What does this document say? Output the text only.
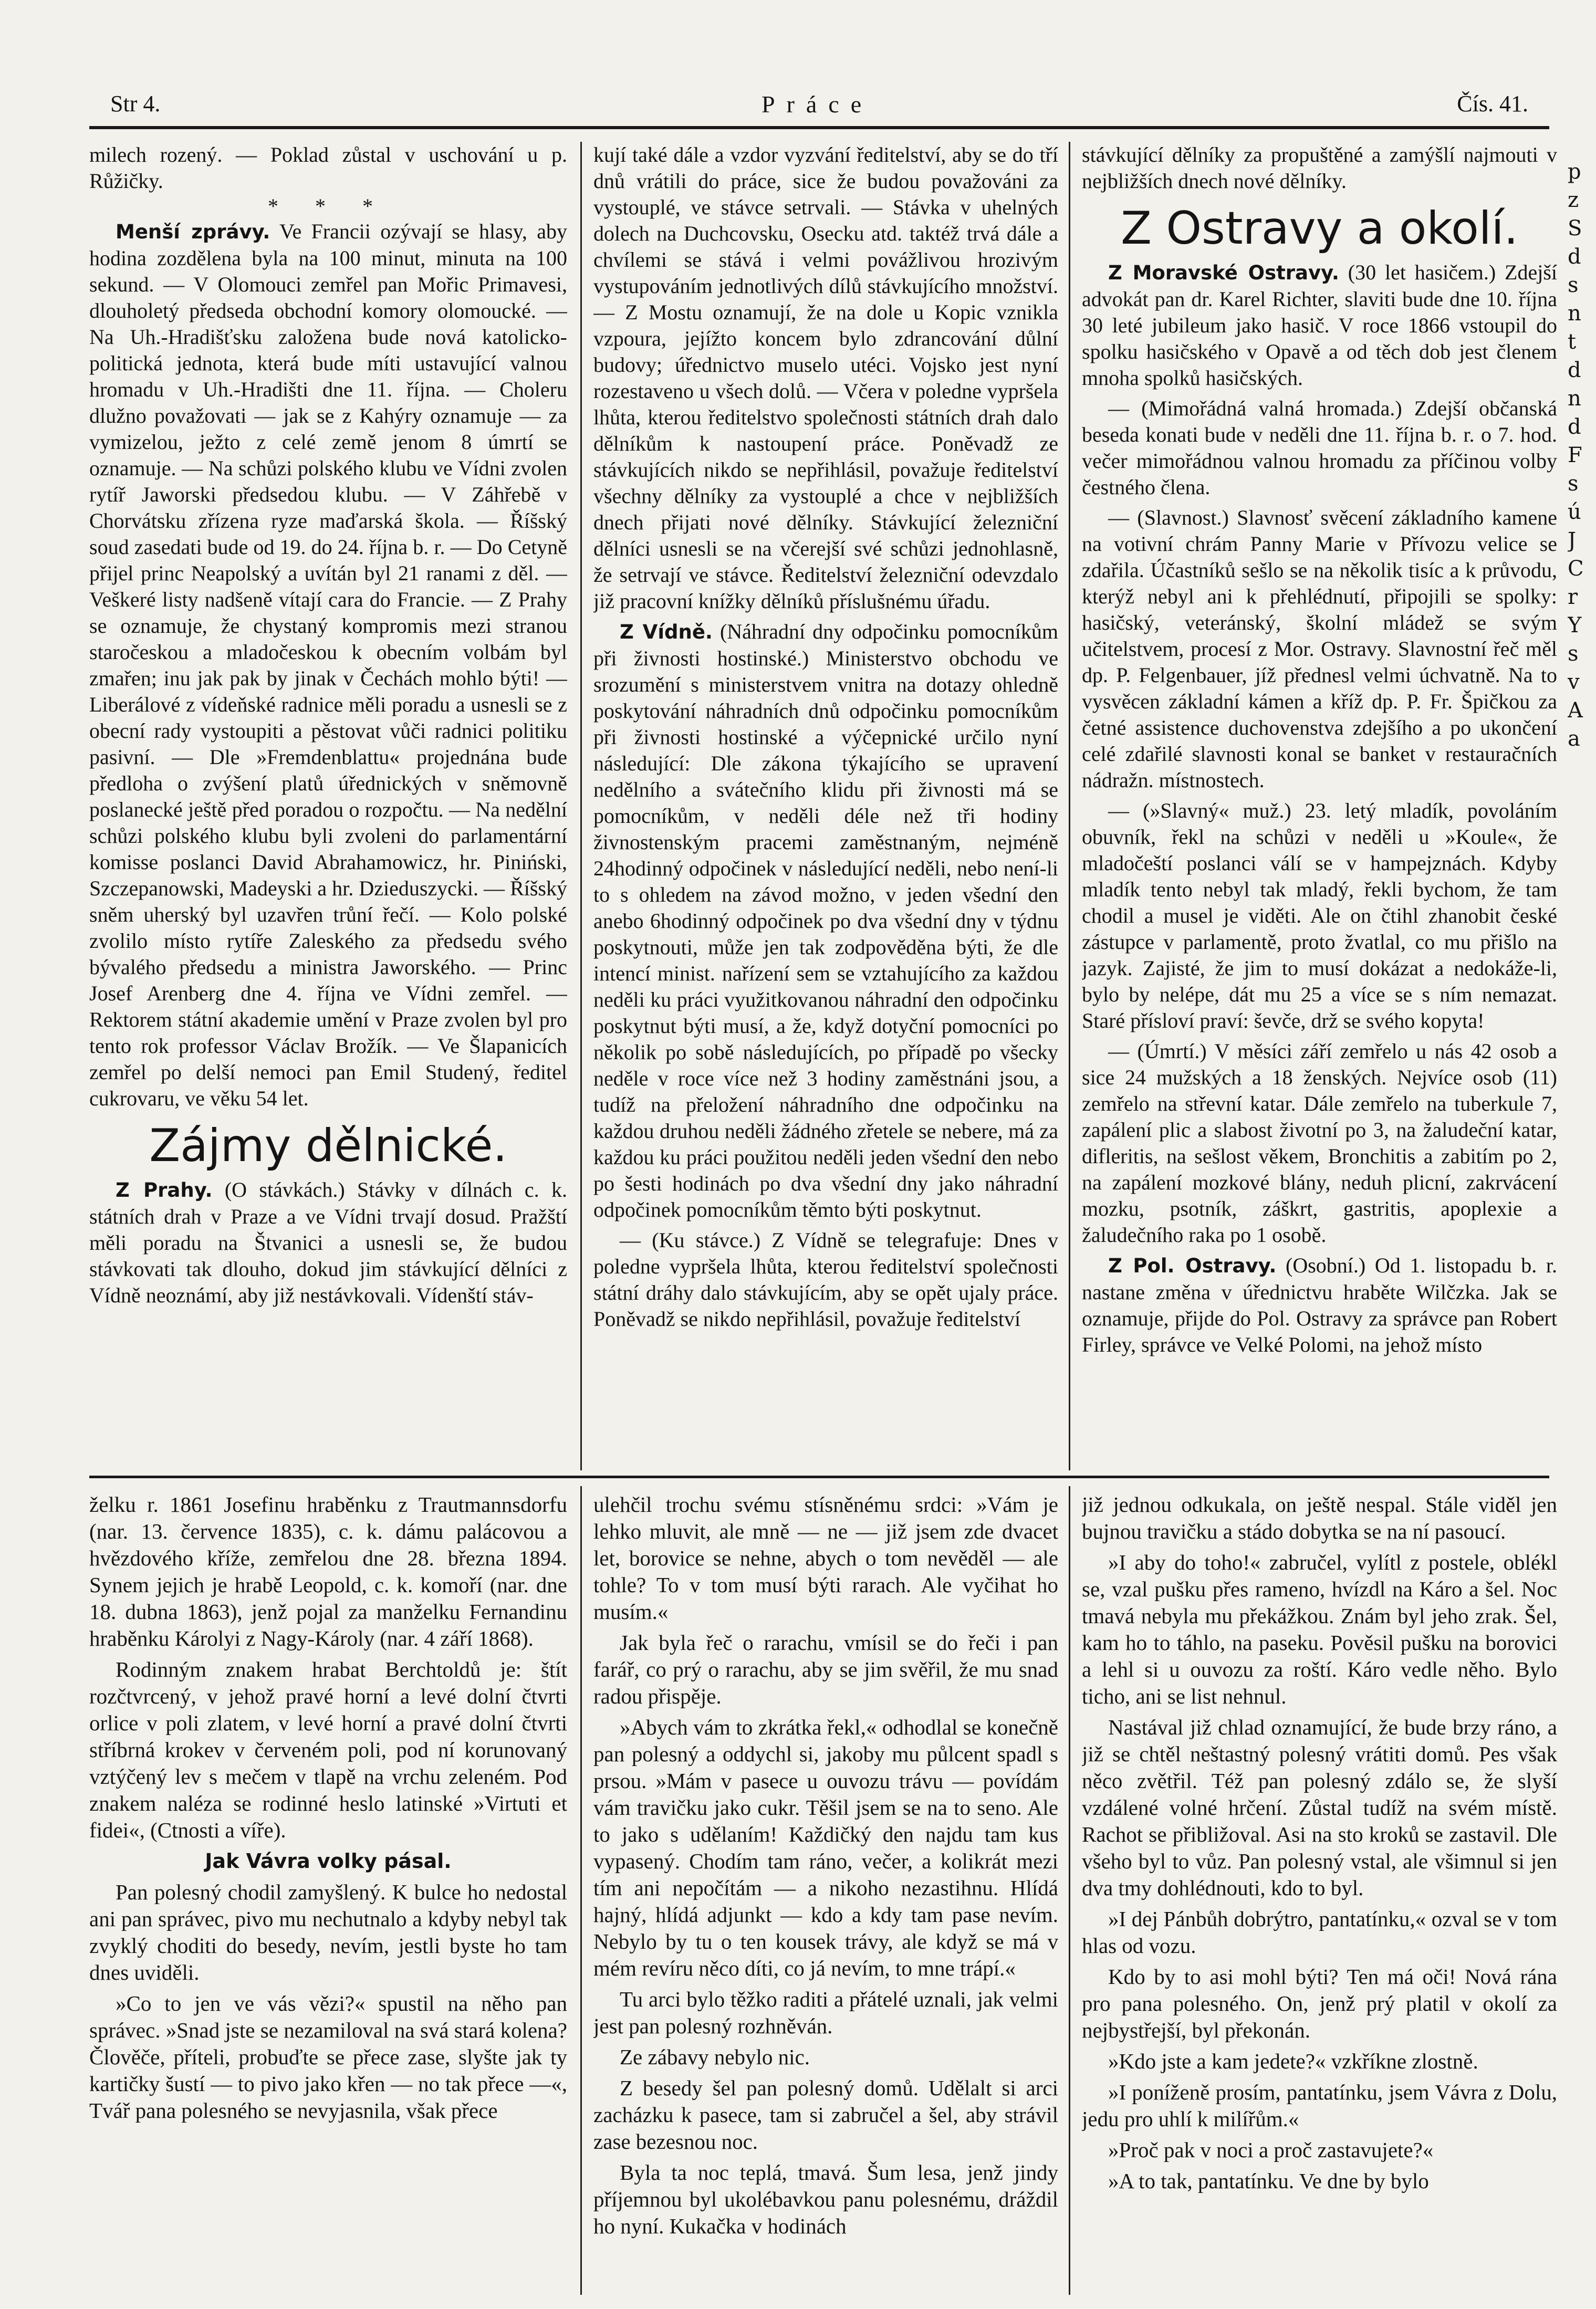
Str 4.	Práce	Čís. 41.

milech rozený. — Poklad zůstal v uschování u p. Růžičky.

* * *

Menší zprávy. Ve Francii ozývají se hlasy, aby hodina zozdělena byla na 100 minut, minuta na 100 sekund. — V Olomouci zemřel pan Mořic Primavesi, dlouholetý předseda obchodní komory olomoucké. — Na Uh.-Hradišťsku založena bude nová katolicko-politická jednota, která bude míti ustavující valnou hromadu v Uh.-Hradišti dne 11. října. — Choleru dlužno považovati — jak se z Kahýry oznamuje — za vymizelou, ježto z celé země jenom 8 úmrtí se oznamuje. — Na schůzi polského klubu ve Vídni zvolen rytíř Jaworski předsedou klubu. — V Záhřebě v Chorvátsku zřízena ryze maďarská škola. — Říšský soud zasedati bude od 19. do 24. října b. r. — Do Cetyně přijel princ Neapolský a uvítán byl 21 ranami z děl. — Veškeré listy nadšeně vítají cara do Francie. — Z Prahy se oznamuje, že chystaný kompromis mezi stranou staročeskou a mladočeskou k obecním volbám byl zmařen; inu jak pak by jinak v Čechách mohlo býti! — Liberálové z vídeňské radnice měli poradu a usnesli se z obecní rady vystoupiti a pěstovat vůči radnici politiku pasivní. — Dle »Fremdenblattu« projednána bude předloha o zvýšení platů úřednických v sněmovně poslanecké ještě před poradou o rozpočtu. — Na nedělní schůzi polského klubu byli zvoleni do parlamentární komisse poslanci David Abrahamowicz, hr. Piniński, Szczepanowski, Madeyski a hr. Dzieduszycki. — Říšský sněm uherský byl uzavřen trůní řečí. — Kolo polské zvolilo místo rytíře Zaleského za předsedu svého bývalého předsedu a ministra Jaworského. — Princ Josef Arenberg dne 4. října ve Vídni zemřel. — Rektorem státní akademie umění v Praze zvolen byl pro tento rok professor Václav Brožík. — Ve Šlapanicích zemřel po delší nemoci pan Emil Studený, ředitel cukrovaru, ve věku 54 let.

Zájmy dělnické.

Z Prahy. (O stávkách.) Stávky v dílnách c. k. státních drah v Praze a ve Vídni trvají dosud. Pražští měli poradu na Štvanici a usnesli se, že budou stávkovati tak dlouho, dokud jim stávkující dělníci z Vídně neoznámí, aby již nestávkovali. Vídenští stáv-

kují také dále a vzdor vyzvání ředitelství, aby se do tří dnů vrátili do práce, sice že budou považováni za vystouplé, ve stávce setrvali. — Stávka v uhelných dolech na Duchcovsku, Osecku atd. taktéž trvá dále a chvílemi se stává i velmi povážlivou hrozivým vystupováním jednotlivých dílů stávkujícího množství. — Z Mostu oznamují, že na dole u Kopic vznikla vzpoura, jejížto koncem bylo zdrancování důlní budovy; úřednictvo muselo utéci. Vojsko jest nyní rozestaveno u všech dolů. — Včera v poledne vypršela lhůta, kterou ředitelstvo společnosti státních drah dalo dělníkům k nastoupení práce. Poněvadž ze stávkujících nikdo se nepřihlásil, považuje ředitelství všechny dělníky za vystouplé a chce v nejbližších dnech přijati nové dělníky. Stávkující železniční dělníci usnesli se na včerejší své schůzi jednohlasně, že setrvají ve stávce. Ředitelství železniční odevzdalo již pracovní knížky dělníků příslušnému úřadu.

Z Vídně. (Náhradní dny odpočinku pomocníkům při živnosti hostinské.) Ministerstvo obchodu ve srozumění s ministerstvem vnitra na dotazy ohledně poskytování náhradních dnů odpočinku pomocníkům při živnosti hostinské a výčepnické určilo nyní následující: Dle zákona týkajícího se upravení nedělního a svátečního klidu při živnosti má se pomocníkům, v neděli déle než tři hodiny živnostenským pracemi zaměstnaným, nejméně 24hodinný odpočinek v následující neděli, nebo není-li to s ohledem na závod možno, v jeden všední den anebo 6hodinný odpočinek po dva všední dny v týdnu poskytnouti, může jen tak zodpověděna býti, že dle intencí minist. nařízení sem se vztahujícího za každou neděli ku práci využitkovanou náhradní den odpočinku poskytnut býti musí, a že, když dotyční pomocníci po několik po sobě následujících, po případě po všecky neděle v roce více než 3 hodiny zaměstnáni jsou, a tudíž na přeložení náhradního dne odpočinku na každou druhou neděli žádného zřetele se nebere, má za každou ku práci použitou neděli jeden všední den nebo po šesti hodinách po dva všední dny jako náhradní odpočinek pomocníkům těmto býti poskytnut.

— (Ku stávce.) Z Vídně se telegrafuje: Dnes v poledne vypršela lhůta, kterou ředitelství společnosti státní dráhy dalo stávkujícím, aby se opět ujaly práce. Poněvadž se nikdo nepřihlásil, považuje ředitelství

stávkující dělníky za propuštěné a zamýšlí najmouti v nejbližších dnech nové dělníky.

Z Ostravy a okolí.

Z Moravské Ostravy. (30 let hasičem.) Zdejší advokát pan dr. Karel Richter, slaviti bude dne 10. října 30 leté jubileum jako hasič. V roce 1866 vstoupil do spolku hasičského v Opavě a od těch dob jest členem mnoha spolků hasičských.

— (Mimořádná valná hromada.) Zdejší občanská beseda konati bude v neděli dne 11. října b. r. o 7. hod. večer mimořádnou valnou hromadu za příčinou volby čestného člena.

— (Slavnost.) Slavnosť svěcení základního kamene na votivní chrám Panny Marie v Přívozu velice se zdařila. Účastníků sešlo se na několik tisíc a k průvodu, kterýž nebyl ani k přehlédnutí, připojili se spolky: hasičský, veteránský, školní mládež se svým učitelstvem, procesí z Mor. Ostravy. Slavnostní řeč měl dp. P. Felgenbauer, jíž přednesl velmi úchvatně. Na to vysvěcen základní kámen a kříž dp. P. Fr. Špičkou za četné assistence duchovenstva zdejšího a po ukončení celé zdařilé slavnosti konal se banket v restauračních nádražn. místnostech.

— (»Slavný« muž.) 23. letý mladík, povoláním obuvník, řekl na schůzi v neděli u »Koule«, že mladočeští poslanci válí se v hampejznách. Kdyby mladík tento nebyl tak mladý, řekli bychom, že tam chodil a musel je viděti. Ale on čtihl zhanobit české zástupce v parlamentě, proto žvatlal, co mu přišlo na jazyk. Zajisté, že jim to musí dokázat a nedokáže-li, bylo by nelépe, dát mu 25 a více se s ním nemazat. Staré přísloví praví: ševče, drž se svého kopyta!

— (Úmrtí.) V měsíci září zemřelo u nás 42 osob a sice 24 mužských a 18 ženských. Nejvíce osob (11) zemřelo na střevní katar. Dále zemřelo na tuberkule 7, zapálení plic a slabost životní po 3, na žaludeční katar, difleritis, na sešlost věkem, Bronchitis a zabitím po 2, na zapálení mozkové blány, neduh plicní, zakrvácení mozku, psotník, záškrt, gastritis, apoplexie a žaludečního raka po 1 osobě.

Z Pol. Ostravy. (Osobní.) Od 1. listopadu b. r. nastane změna v úřednictvu hraběte Wilčzka. Jak se oznamuje, přijde do Pol. Ostravy za správce pan Robert Firley, správce ve Velké Polomi, na jehož místo

želku r. 1861 Josefinu hraběnku z Trautmannsdorfu (nar. 13. července 1835), c. k. dámu palácovou a hvězdového kříže, zemřelou dne 28. března 1894. Synem jejich je hrabě Leopold, c. k. komoří (nar. dne 18. dubna 1863), jenž pojal za manželku Fernandinu hraběnku Károlyi z Nagy-Károly (nar. 4 září 1868).

Rodinným znakem hrabat Berchtoldů je: štít rozčtvrcený, v jehož pravé horní a levé dolní čtvrti orlice v poli zlatem, v levé horní a pravé dolní čtvrti stříbrná krokev v červeném poli, pod ní korunovaný vztýčený lev s mečem v tlapě na vrchu zeleném. Pod znakem naléza se rodinné heslo latinské »Virtuti et fidei«, (Ctnosti a víře).

Jak Vávra volky pásal.

Pan polesný chodil zamyšlený. K bulce ho nedostal ani pan správec, pivo mu nechutnalo a kdyby nebyl tak zvyklý choditi do besedy, nevím, jestli byste ho tam dnes uviděli.

»Co to jen ve vás vězi?« spustil na něho pan správec. »Snad jste se nezamiloval na svá stará kolena? Člověče, příteli, probuďte se přece zase, slyšte jak ty kartičky šustí — to pivo jako křen — no tak přece —«, Tvář pana polesného se nevyjasnila, však přece

ulehčil trochu svému stísněnému srdci: »Vám je lehko mluvit, ale mně — ne — již jsem zde dvacet let, borovice se nehne, abych o tom nevěděl — ale tohle? To v tom musí býti rarach. Ale vyčihat ho musím.«

Jak byla řeč o rarachu, vmísil se do řeči i pan farář, co prý o rarachu, aby se jim svěřil, že mu snad radou přispěje.

»Abych vám to zkrátka řekl,« odhodlal se konečně pan polesný a oddychl si, jakoby mu půlcent spadl s prsou. »Mám v pasece u ouvozu trávu — povídám vám travičku jako cukr. Těšil jsem se na to seno. Ale to jako s udělaním! Každičký den najdu tam kus vypasený. Chodím tam ráno, večer, a kolikrát mezi tím ani nepočítám — a nikoho nezastihnu. Hlídá hajný, hlídá adjunkt — kdo a kdy tam pase nevím. Nebylo by tu o ten kousek trávy, ale když se má v mém revíru něco díti, co já nevím, to mne trápí.«

Tu arci bylo těžko raditi a přátelé uznali, jak velmi jest pan polesný rozhněván.

Ze zábavy nebylo nic.

Z besedy šel pan polesný domů. Udělalt si arci zacházku k pasece, tam si zabručel a šel, aby strávil zase bezesnou noc.

Byla ta noc teplá, tmavá. Šum lesa, jenž jindy příjemnou byl ukolébavkou panu polesnému, dráždil ho nyní. Kukačka v hodinách

již jednou odkukala, on ještě nespal. Stále viděl jen bujnou travičku a stádo dobytka se na ní pasoucí.

»I aby do toho!« zabručel, vylítl z postele, oblékl se, vzal pušku přes rameno, hvízdl na Káro a šel. Noc tmavá nebyla mu překážkou. Znám byl jeho zrak. Šel, kam ho to táhlo, na paseku. Pověsil pušku na borovici a lehl si u ouvozu za roští. Káro vedle něho. Bylo ticho, ani se list nehnul.

Nastával již chlad oznamující, že bude brzy ráno, a již se chtěl neštastný polesný vrátiti domů. Pes však něco zvětřil. Též pan polesný zdálo se, že slyší vzdálené volné hrčení. Zůstal tudíž na svém místě. Rachot se přibližoval. Asi na sto kroků se zastavil. Dle všeho byl to vůz. Pan polesný vstal, ale všimnul si jen dva tmy dohlédnouti, kdo to byl.

»I dej Pánbůh dobrýtro, pantatínku,« ozval se v tom hlas od vozu.

Kdo by to asi mohl býti? Ten má oči! Nová rána pro pana polesného. On, jenž prý platil v okolí za nejbystřejší, byl překonán.

»Kdo jste a kam jedete?« vzkříkne zlostně.

»I poníženě prosím, pantatínku, jsem Vávra z Dolu, jedu pro uhlí k milířům.«

»Proč pak v noci a proč zastavujete?«

»A to tak, pantatínku. Ve dne by bylo

p
z
S
d
s
n
t
d
n
d
F
s
ú
J
C
r
Y
s
v
A
a
